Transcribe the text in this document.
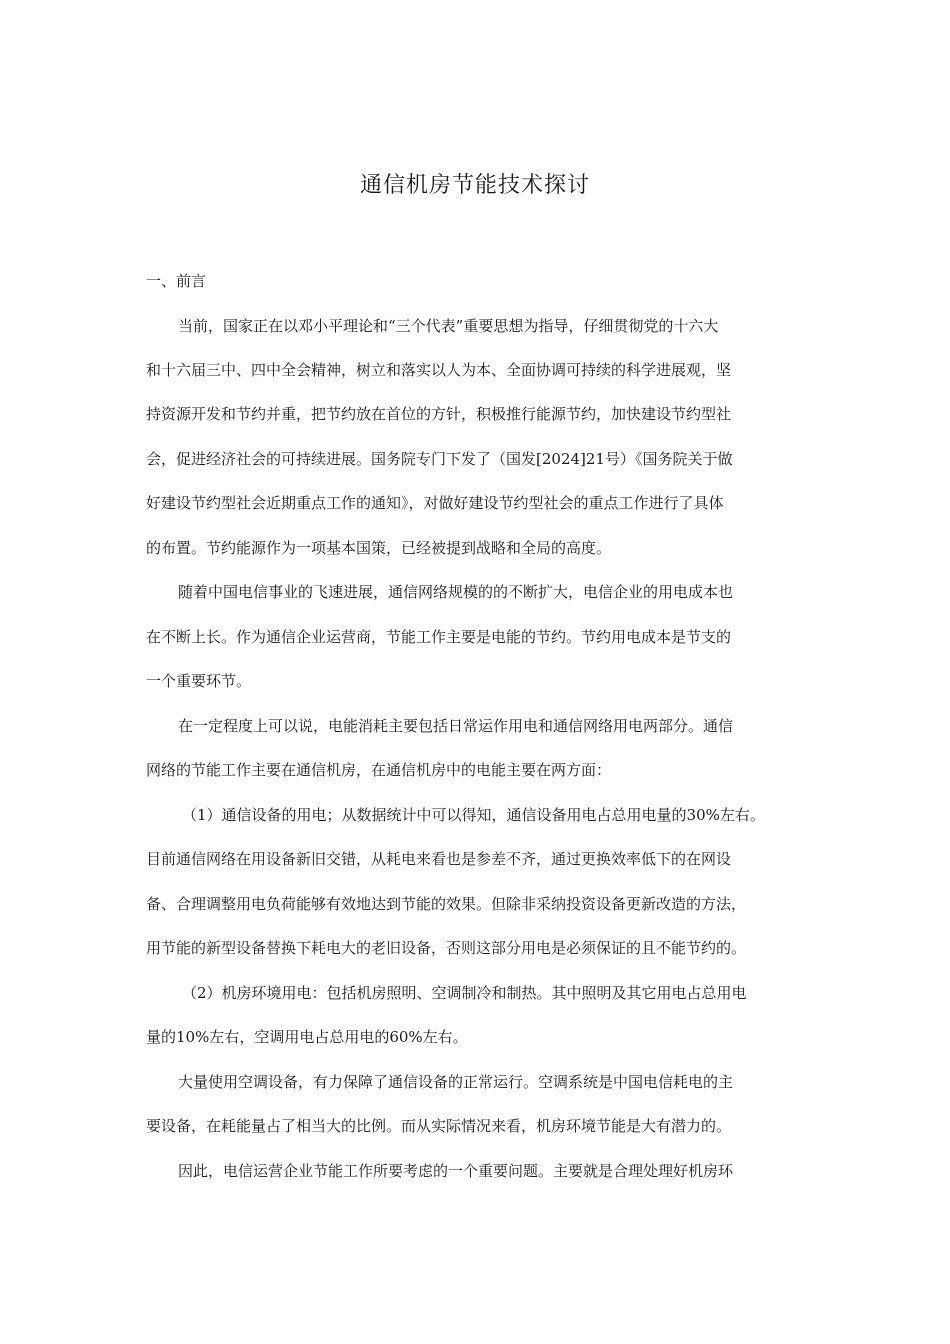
通信机房节能技术探讨
一、前言
当前，国家正在以邓小平理论和“三个代表”重要思想为指导，仔细贯彻党的十六大
和十六届三中、四中全会精神，树立和落实以人为本、全面协调可持续的科学进展观，坚
持资源开发和节约并重，把节约放在首位的方针，积极推行能源节约，加快建设节约型社
会，促进经济社会的可持续进展。国务院专门下发了（国发[2024]21号）《国务院关于做
好建设节约型社会近期重点工作的通知》，对做好建设节约型社会的重点工作进行了具体
的布置。节约能源作为一项基本国策，已经被提到战略和全局的高度。
随着中国电信事业的飞速进展，通信网络规模的的不断扩大，电信企业的用电成本也
在不断上长。作为通信企业运营商，节能工作主要是电能的节约。节约用电成本是节支的
一个重要环节。
在一定程度上可以说，电能消耗主要包括日常运作用电和通信网络用电两部分。通信
网络的节能工作主要在通信机房，在通信机房中的电能主要在两方面：
（1）通信设备的用电；从数据统计中可以得知，通信设备用电占总用电量的30%左右。
目前通信网络在用设备新旧交错，从耗电来看也是参差不齐，通过更换效率低下的在网设
备、合理调整用电负荷能够有效地达到节能的效果。但除非采纳投资设备更新改造的方法，
用节能的新型设备替换下耗电大的老旧设备，否则这部分用电是必须保证的且不能节约的。
（2）机房环境用电：包括机房照明、空调制冷和制热。其中照明及其它用电占总用电
量的10%左右，空调用电占总用电的60%左右。
大量使用空调设备，有力保障了通信设备的正常运行。空调系统是中国电信耗电的主
要设备，在耗能量占了相当大的比例。而从实际情况来看，机房环境节能是大有潜力的。
因此，电信运营企业节能工作所要考虑的一个重要问题。主要就是合理处理好机房环
